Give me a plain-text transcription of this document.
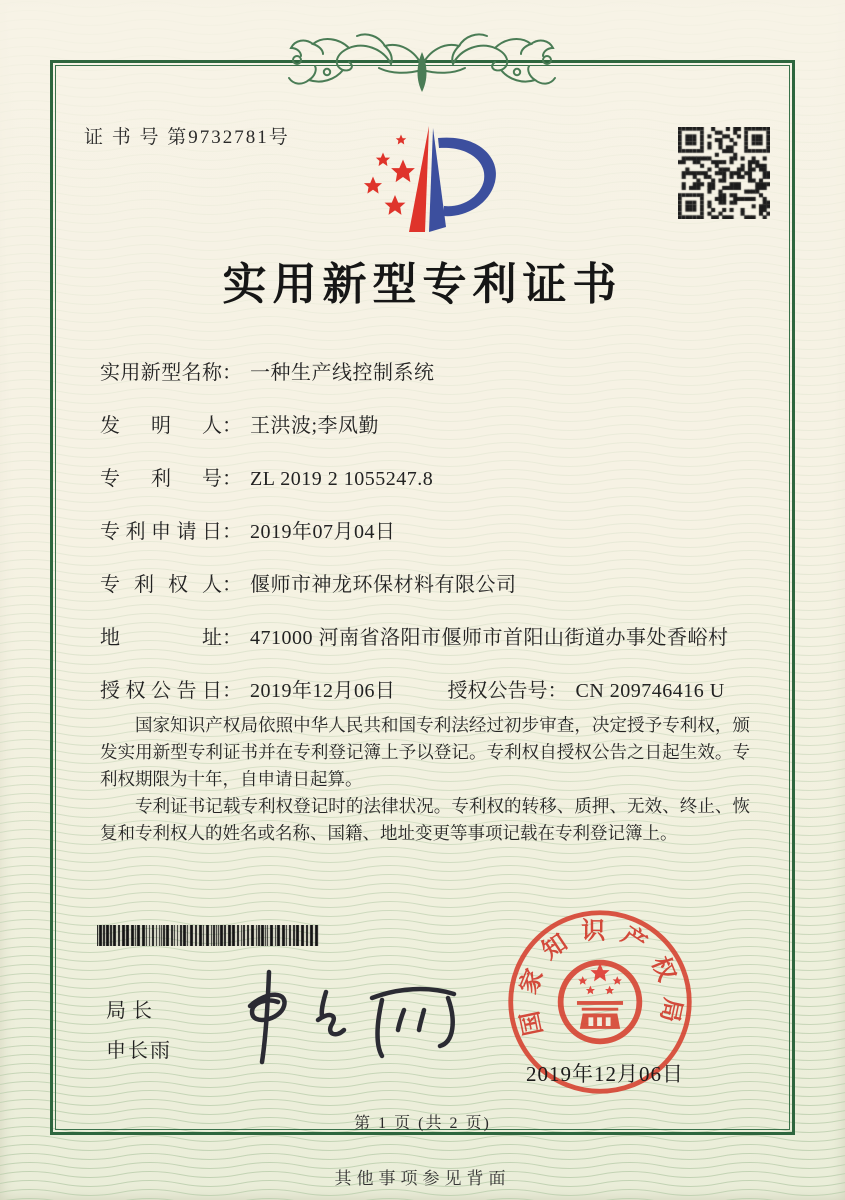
证 书 号 第9732781号
实用新型专利证书
实用新型名称： 一种生产线控制系统
发明人： 王洪波;李凤勤
专利号： ZL 2019 2 1055247.8
专利申请日： 2019年07月04日
专利权人： 偃师市神龙环保材料有限公司
地址： 471000 河南省洛阳市偃师市首阳山街道办事处香峪村
授权公告日： 2019年12月06日	授权公告号： CN 209746416 U

国家知识产权局依照中华人民共和国专利法经过初步审查，决定授予专利权，颁发实用新型专利证书并在专利登记簿上予以登记。专利权自授权公告之日起生效。专利权期限为十年，自申请日起算。

专利证书记载专利权登记时的法律状况。专利权的转移、质押、无效、终止、恢复和专利权人的姓名或名称、国籍、地址变更等事项记载在专利登记簿上。

局长
申长雨
国家知识产权局
2019年12月06日
第 1 页 (共 2 页)
其他事项参见背面
